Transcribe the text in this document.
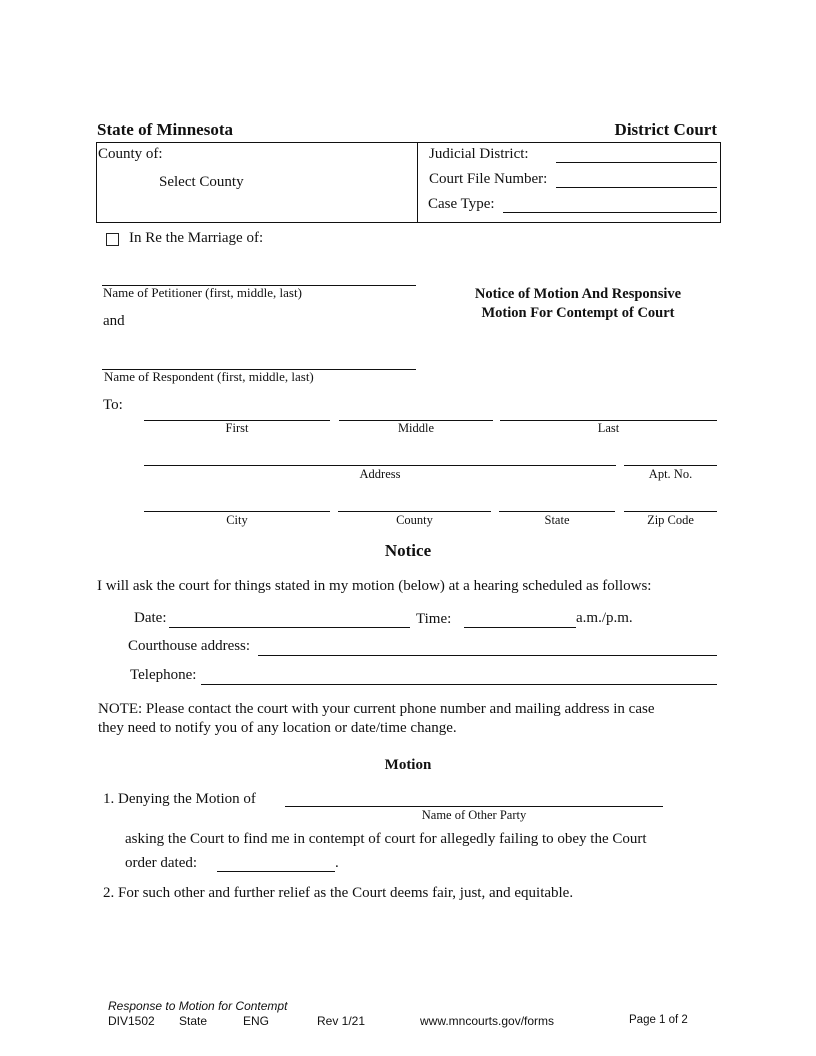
State of Minnesota	District Court
County of:
Select County
Judicial District:
Court File Number:
Case Type:
In Re the Marriage of:
Name of Petitioner (first, middle, last)
and
Name of Respondent (first, middle, last)
Notice of Motion And Responsive
Motion For Contempt of Court
To:
First	Middle	Last
Address	Apt. No.
City	County	State	Zip Code
Notice
I will ask the court for things stated in my motion (below) at a hearing scheduled as follows:
Date:	Time:	a.m./p.m.
Courthouse address:
Telephone:
NOTE: Please contact the court with your current phone number and mailing address in case
they need to notify you of any location or date/time change.
Motion
1. Denying the Motion of
Name of Other Party
asking the Court to find me in contempt of court for allegedly failing to obey the Court
order dated:	.
2. For such other and further relief as the Court deems fair, just, and equitable.
Response to Motion for Contempt
DIV1502 State	ENG	Rev 1/21	www.mncourts.gov/forms	Page 1 of 2
